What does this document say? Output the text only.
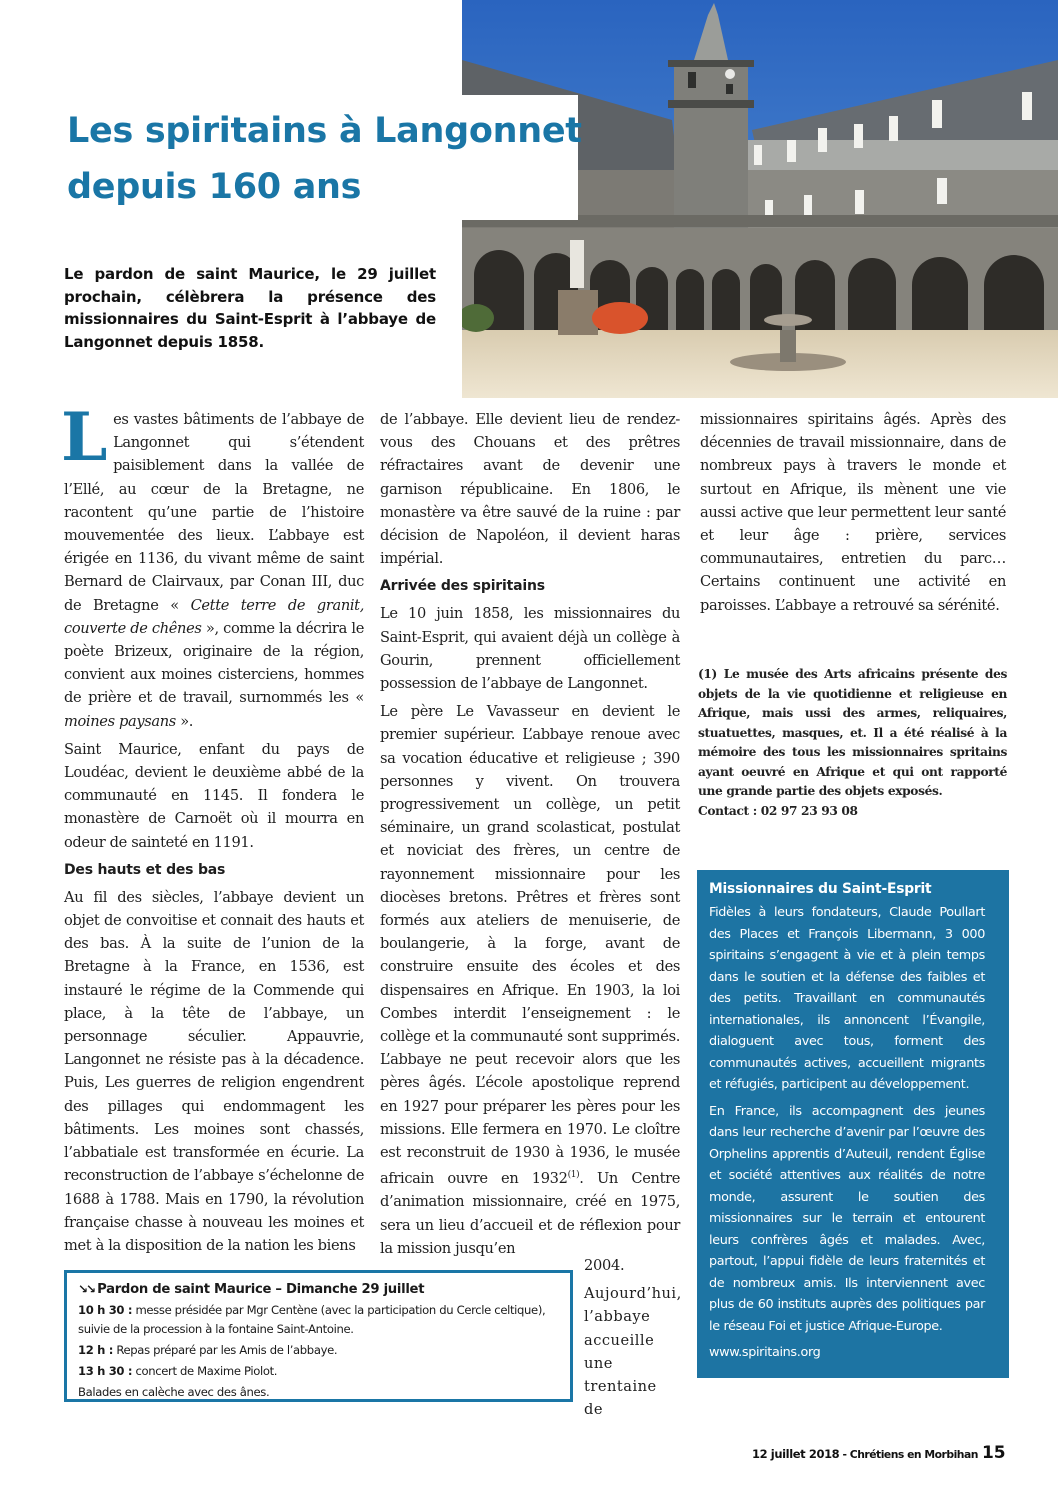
Les spiritains à Langonnet
depuis 160 ans

Le pardon de saint Maurice, le 29 juillet prochain, célèbrera la présence des missionnaires du Saint-Esprit à l’abbaye de Langonnet depuis 1858.

Les vastes bâtiments de l’abbaye de Langonnet qui s’étendent paisiblement dans la vallée de l’Ellé, au cœur de la Bretagne, ne racontent qu’une partie de l’histoire mouvementée des lieux. L’abbaye est érigée en 1136, du vivant même de saint Bernard de Clairvaux, par Conan III, duc de Bretagne « Cette terre de granit, couverte de chênes », comme la décrira le poète Brizeux, originaire de la région, convient aux moines cisterciens, hommes de prière et de travail, surnommés les « moines paysans ».

Saint Maurice, enfant du pays de Loudéac, devient le deuxième abbé de la communauté en 1145. Il fondera le monastère de Carnoët où il mourra en odeur de sainteté en 1191.

Des hauts et des bas

Au fil des siècles, l’abbaye devient un objet de convoitise et connait des hauts et des bas. À la suite de l’union de la Bretagne à la France, en 1536, est instauré le régime de la Commende qui place, à la tête de l’abbaye, un personnage séculier. Appauvrie, Langonnet ne résiste pas à la décadence. Puis, Les guerres de religion engendrent des pillages qui endommagent les bâtiments. Les moines sont chassés, l’abbatiale est transformée en écurie. La reconstruction de l’abbaye s’échelonne de 1688 à 1788. Mais en 1790, la révolution française chasse à nouveau les moines et met à la disposition de la nation les biens

de l’abbaye. Elle devient lieu de rendez-vous des Chouans et des prêtres réfractaires avant de devenir une garnison républicaine. En 1806, le monastère va être sauvé de la ruine : par décision de Napoléon, il devient haras impérial.

Arrivée des spiritains

Le 10 juin 1858, les missionnaires du Saint-Esprit, qui avaient déjà un collège à Gourin, prennent officiellement possession de l’abbaye de Langonnet.

Le père Le Vavasseur en devient le premier supérieur. L’abbaye renoue avec sa vocation éducative et religieuse ; 390 personnes y vivent. On trouvera progressivement un collège, un petit séminaire, un grand scolasticat, postulat et noviciat des frères, un centre de rayonnement missionnaire pour les diocèses bretons. Prêtres et frères sont formés aux ateliers de menuiserie, de boulangerie, à la forge, avant de construire ensuite des écoles et des dispensaires en Afrique. En 1903, la loi Combes interdit l’enseignement : le collège et la communauté sont supprimés. L’abbaye ne peut recevoir alors que les pères âgés. L’école apostolique reprend en 1927 pour préparer les pères pour les missions. Elle fermera en 1970. Le cloître est reconstruit de 1930 à 1936, le musée africain ouvre en 1932$^{(1)}$. Un Centre d’animation missionnaire, créé en 1975, sera un lieu d’accueil et de réflexion pour la mission jusqu’en

2004.

Aujourd’hui, l’abbaye accueille une trentaine de

missionnaires spiritains âgés. Après des décennies de travail missionnaire, dans de nombreux pays à travers le monde et surtout en Afrique, ils mènent une vie aussi active que leur permettent leur santé et leur âge : prière, services communautaires, entretien du parc… Certains continuent une activité en paroisses. L’abbaye a retrouvé sa sérénité.

(1) Le musée des Arts africains présente des objets de la vie quotidienne et religieuse en Afrique, mais ussi des armes, reliquaires, stuatuettes, masques, et. Il a été réalisé à la mémoire des tous les missionnaires spritains ayant oeuvré en Afrique et qui ont rapporté une grande partie des objets exposés.

Contact : 02 97 23 93 08

↘↘ Pardon de saint Maurice – Dimanche 29 juillet

10 h 30 : messe présidée par Mgr Centène (avec la participation du Cercle celtique), suivie de la procession à la fontaine Saint-Antoine.

12 h : Repas préparé par les Amis de l’abbaye.

13 h 30 : concert de Maxime Piolot.

Balades en calèche avec des ânes.

Missionnaires du Saint-Esprit

Fidèles à leurs fondateurs, Claude Poullart des Places et François Libermann, 3 000 spiritains s’engagent à vie et à plein temps dans le soutien et la défense des faibles et des petits. Travaillant en communautés internationales, ils annoncent l’Évangile, dialoguent avec tous, forment des communautés actives, accueillent migrants et réfugiés, participent au développement.

En France, ils accompagnent des jeunes dans leur recherche d’avenir par l’œuvre des Orphelins apprentis d’Auteuil, rendent Église et société attentives aux réalités de notre monde, assurent le soutien des missionnaires sur le terrain et entourent leurs confrères âgés et malades. Avec, partout, l’appui fidèle de leurs fraternités et de nombreux amis. Ils interviennent avec plus de 60 instituts auprès des politiques par le réseau Foi et justice Afrique-Europe.

www.spiritains.org

12 juillet 2018 - Chrétiens en Morbihan 15
